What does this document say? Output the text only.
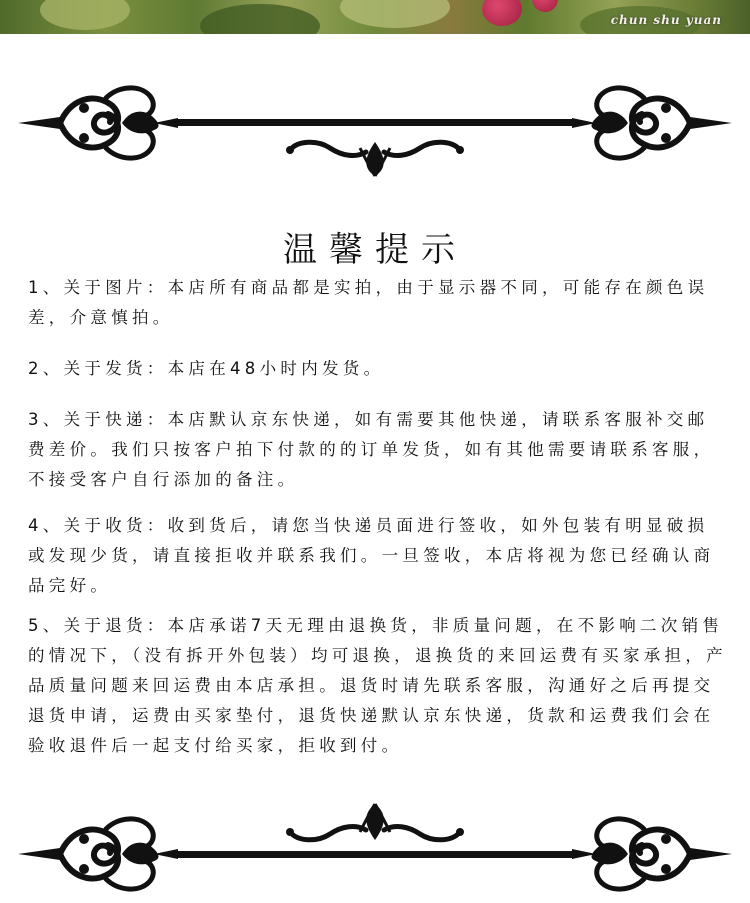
chun shu yuan
温馨提示
1、关于图片：本店所有商品都是实拍，由于显示器不同，可能存在颜色误差，介意慎拍。
2、关于发货：本店在48小时内发货。
3、关于快递：本店默认京东快递，如有需要其他快递，请联系客服补交邮费差价。我们只按客户拍下付款的的订单发货，如有其他需要请联系客服，不接受客户自行添加的备注。
4、关于收货：收到货后，请您当快递员面进行签收，如外包装有明显破损或发现少货，请直接拒收并联系我们。一旦签收，本店将视为您已经确认商品完好。
5、关于退货：本店承诺7天无理由退换货，非质量问题，在不影响二次销售的情况下，（没有拆开外包装）均可退换，退换货的来回运费有买家承担，产品质量问题来回运费由本店承担。退货时请先联系客服，沟通好之后再提交退货申请，运费由买家垫付，退货快递默认京东快递，货款和运费我们会在验收退件后一起支付给买家，拒收到付。
